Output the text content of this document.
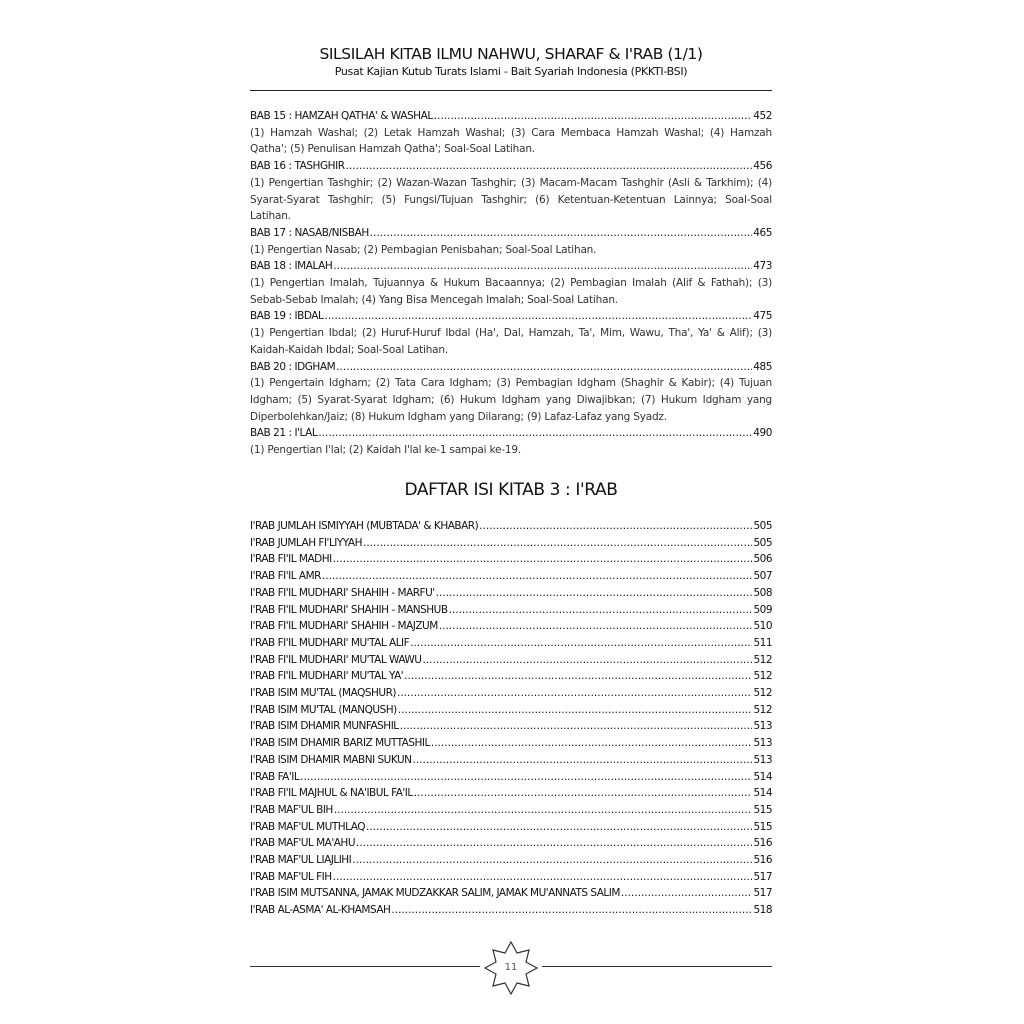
SILSILAH KITAB ILMU NAHWU, SHARAF & I'RAB (1/1)
Pusat Kajian Kutub Turats Islami - Bait Syariah Indonesia (PKKTI-BSI)
BAB 15 : HAMZAH QATHA' & WASHAL .....	452
(1) Hamzah Washal; (2) Letak Hamzah Washal; (3) Cara Membaca Hamzah Washal; (4) Hamzah Qatha'; (5) Penulisan Hamzah Qatha'; Soal-Soal Latihan.
BAB 16 : TASHGHIR .....	456
(1) Pengertian Tashghir; (2) Wazan-Wazan Tashghir; (3) Macam-Macam Tashghir (Asli & Tarkhim); (4) Syarat-Syarat Tashghir; (5) Fungsi/Tujuan Tashghir; (6) Ketentuan-Ketentuan Lainnya; Soal-Soal Latihan.
BAB 17 : NASAB/NISBAH .....	465
(1) Pengertian Nasab; (2) Pembagian Penisbahan; Soal-Soal Latihan.
BAB 18 : IMALAH .....	473
(1) Pengertian Imalah, Tujuannya & Hukum Bacaannya; (2) Pembagian Imalah (Alif & Fathah); (3) Sebab-Sebab Imalah; (4) Yang Bisa Mencegah Imalah; Soal-Soal Latihan.
BAB 19 : IBDAL .....	475
(1) Pengertian Ibdal; (2) Huruf-Huruf Ibdal (Ha', Dal, Hamzah, Ta', Mim, Wawu, Tha', Ya' & Alif); (3) Kaidah-Kaidah Ibdal; Soal-Soal Latihan.
BAB 20 : IDGHAM .....	485
(1) Pengertain Idgham; (2) Tata Cara Idgham; (3) Pembagian Idgham (Shaghir & Kabir); (4) Tujuan Idgham; (5) Syarat-Syarat Idgham; (6) Hukum Idgham yang Diwajibkan; (7) Hukum Idgham yang Diperbolehkan/Jaiz; (8) Hukum Idgham yang Dilarang; (9) Lafaz-Lafaz yang Syadz.
BAB 21 : I'LAL .....	490
(1) Pengertian I'lal; (2) Kaidah I'lal ke-1 sampai ke-19.
DAFTAR ISI KITAB 3 : I'RAB
I'RAB JUMLAH ISMIYYAH (MUBTADA' & KHABAR) .....	505
I'RAB JUMLAH FI'LIYYAH .....	505
I'RAB FI'IL MADHI .....	506
I'RAB FI'IL AMR .....	507
I'RAB FI'IL MUDHARI' SHAHIH - MARFU' .....	508
I'RAB FI'IL MUDHARI' SHAHIH - MANSHUB .....	509
I'RAB FI'IL MUDHARI' SHAHIH - MAJZUM .....	510
I'RAB FI'IL MUDHARI' MU'TAL ALIF .....	511
I'RAB FI'IL MUDHARI' MU'TAL WAWU .....	512
I'RAB FI'IL MUDHARI' MU'TAL YA' .....	512
I'RAB ISIM MU'TAL (MAQSHUR) .....	512
I'RAB ISIM MU'TAL (MANQUSH) .....	512
I'RAB ISIM DHAMIR MUNFASHIL .....	513
I'RAB ISIM DHAMIR BARIZ MUTTASHIL .....	513
I'RAB ISIM DHAMIR MABNI SUKUN .....	513
I'RAB FA'IL .....	514
I'RAB FI'IL MAJHUL & NA'IBUL FA'IL .....	514
I'RAB MAF'UL BIH .....	515
I'RAB MAF'UL MUTHLAQ .....	515
I'RAB MAF'UL MA'AHU .....	516
I'RAB MAF'UL LIAJLIHI .....	516
I'RAB MAF'UL FIH .....	517
I'RAB ISIM MUTSANNA, JAMAK MUDZAKKAR SALIM, JAMAK MU'ANNATS SALIM .....	517
I'RAB AL-ASMA' AL-KHAMSAH .....	518
11
